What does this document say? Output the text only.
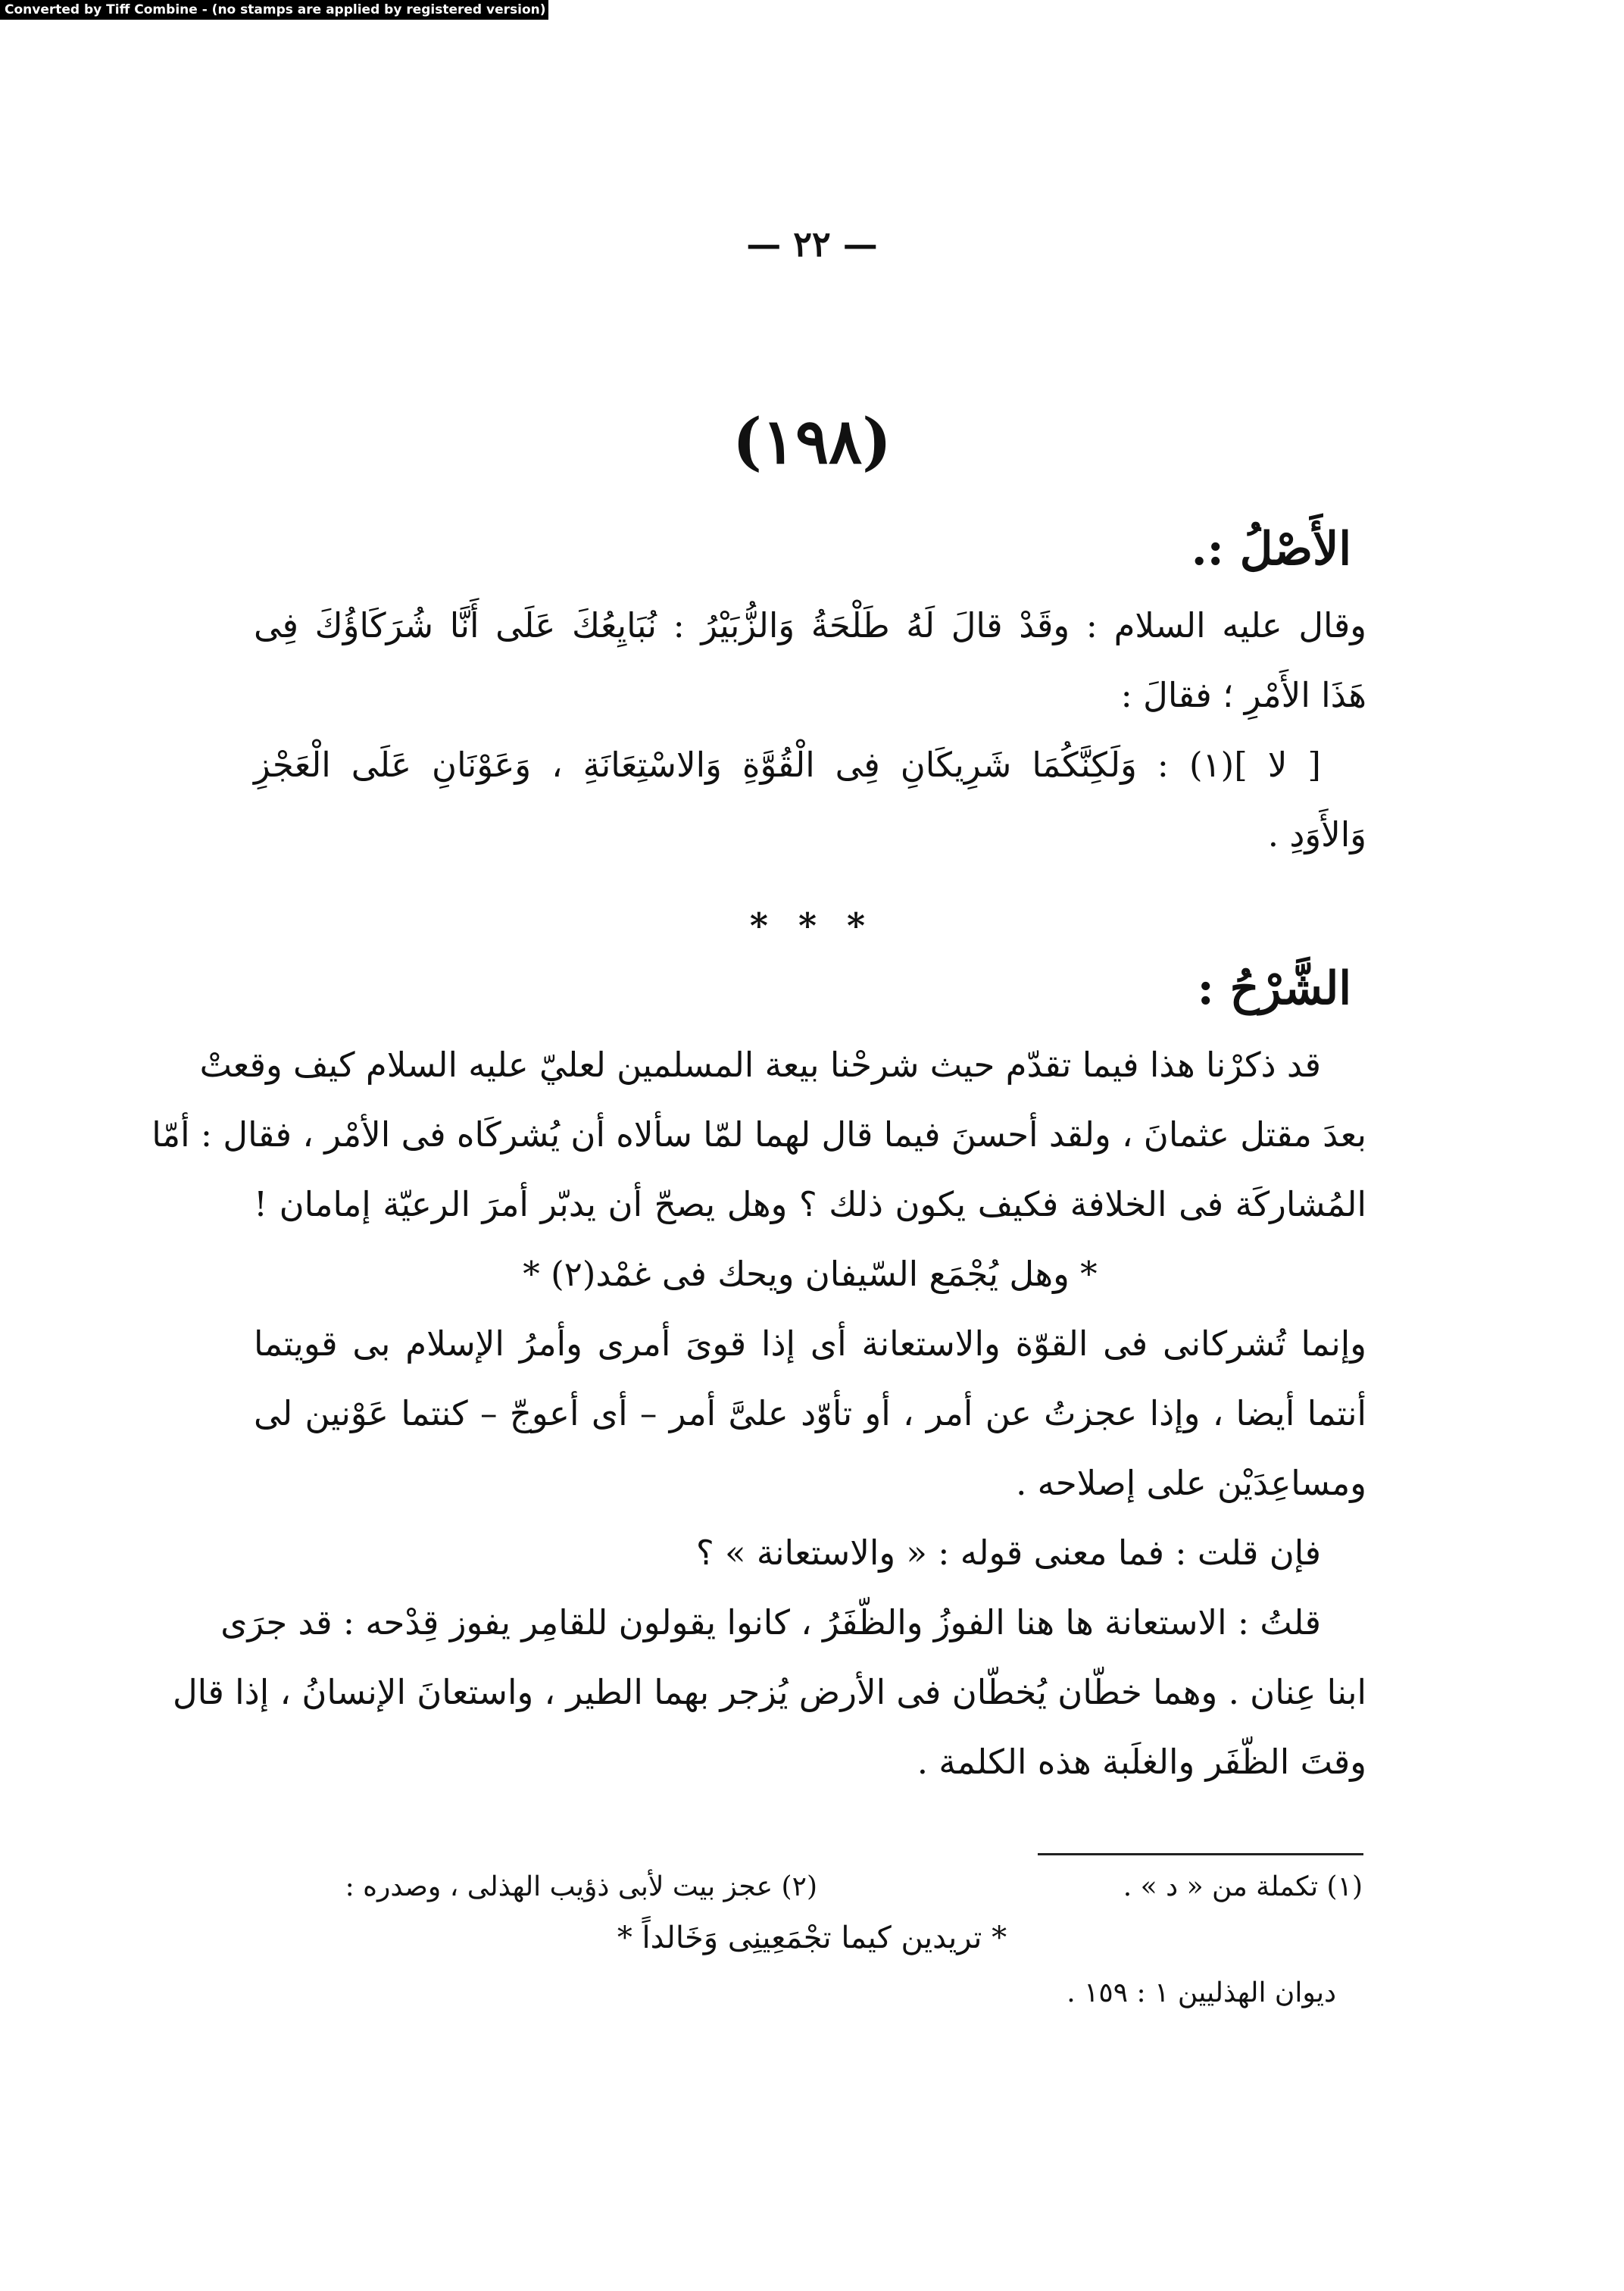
Converted by Tiff Combine - (no stamps are applied by registered version)
— ٢٢ —
(١٩٨)
الأَصْلُ :.
وقال عليه السلام : وقَدْ قالَ لَهُ طَلْحَةُ وَالزُّبَيْرُ : نُبَايِعُكَ عَلَى أَنَّا شُرَكَاؤُكَ فِى
هَذَا الأَمْرِ ؛ فقالَ :
[ لا ](١) : وَلَكِنَّكُمَا شَرِيكَانِ فِى الْقُوَّةِ وَالاسْتِعَانَةِ ، وَعَوْنَانِ عَلَى الْعَجْزِ
وَالأَوَدِ .
* * *
الشَّرْحُ :
قد ذكرْنا هذا فيما تقدّم حيث شرحْنا بيعة المسلمين لعليّ عليه السلام كيف وقعتْ
بعدَ مقتل عثمانَ ، ولقد أحسنَ فيما قال لهما لمّا سألاه أن يُشركَاه فى الأمْر ، فقال : أمّا
المُشاركَة فى الخلافة فكيف يكون ذلك ؟ وهل يصحّ أن يدبّر أمرَ الرعيّة إمامان !
* وهل يُجْمَع السّيفان ويحك فى غمْد(٢) *
وإنما تُشركانى فى القوّة والاستعانة أى إذا قوىَ أمرى وأمرُ الإسلام بى قويتما
أنتما أيضا ، وإذا عجزتُ عن أمر ، أو تأوّد علىَّ أمر – أى أعوجّ – كنتما عَوْنين لى
ومساعِدَيْن على إصلاحه .
فإن قلت : فما معنى قوله : « والاستعانة » ؟
قلتُ : الاستعانة ها هنا الفوزُ والظّفَرُ ، كانوا يقولون للقامِر يفوز قِدْحه : قد جرَى
ابنا عِنان . وهما خطّان يُخطّان فى الأرض يُزجر بهما الطير ، واستعانَ الإنسانُ ، إذا قال
وقتَ الظّفَر والغلَبة هذه الكلمة .
(١) تكملة من « د » .
(٢) عجز بيت لأبى ذؤيب الهذلى ، وصدره :
* تريدين كيما تجْمَعِينِى وَخَالداً *
ديوان الهذليين ١ : ١٥٩ .
